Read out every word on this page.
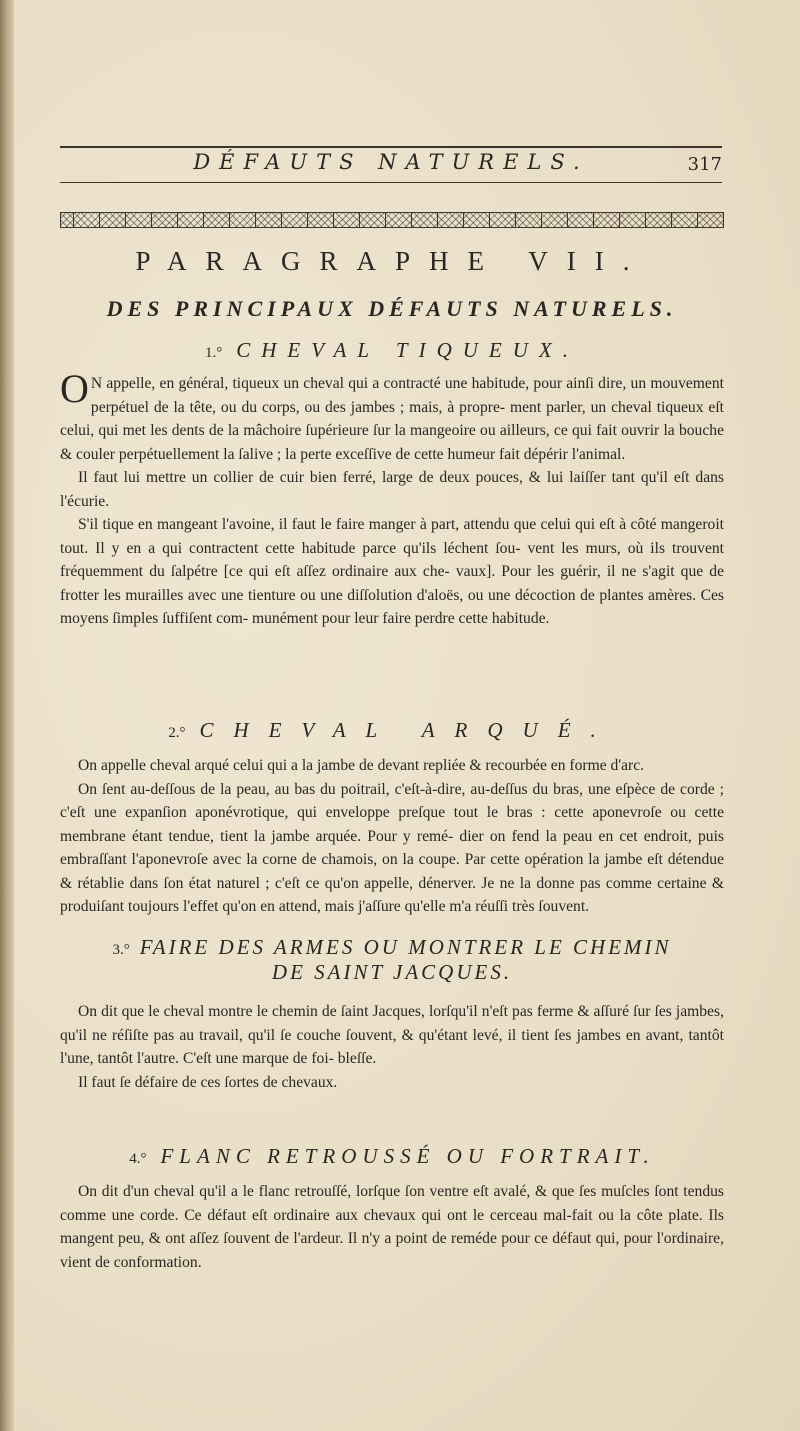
DÉFAUTS NATURELS.	317
PARAGRAPHE VII.
DES PRINCIPAUX DÉFAUTS NATURELS.
1.° CHEVAL TIQUEUX.

O N appelle, en général, tiqueux un cheval qui a contracté une habitude, pour ainſi dire, un mouvement perpétuel de la tête, ou du corps, ou des jambes ; mais, à propre- ment parler, un cheval tiqueux eſt celui, qui met les dents de la mâchoire ſupérieure ſur la mangeoire ou ailleurs, ce qui fait ouvrir la bouche & couler perpétuellement la ſalive ; la perte exceſſive de cette humeur fait dépérir l'animal.

Il faut lui mettre un collier de cuir bien ferré, large de deux pouces, & lui laiſſer tant qu'il eſt dans l'écurie.

S'il tique en mangeant l'avoine, il faut le faire manger à part, attendu que celui qui eſt à côté mangeroit tout. Il y en a qui contractent cette habitude parce qu'ils léchent ſou- vent les murs, où ils trouvent fréquemment du ſalpétre [ce qui eſt aſſez ordinaire aux che- vaux]. Pour les guérir, il ne s'agit que de frotter les murailles avec une tienture ou une diſſolution d'aloës, ou une décoction de plantes amères. Ces moyens ſimples ſuffiſent com- munément pour leur faire perdre cette habitude.

2.° CHEVAL ARQUÉ.

On appelle cheval arqué celui qui a la jambe de devant repliée & recourbée en forme d'arc.

On ſent au-deſſous de la peau, au bas du poitrail, c'eſt-à-dire, au-deſſus du bras, une eſpèce de corde ; c'eſt une expanſion aponévrotique, qui enveloppe preſque tout le bras : cette aponevroſe ou cette membrane étant tendue, tient la jambe arquée. Pour y remé- dier on fend la peau en cet endroit, puis embraſſant l'aponevroſe avec la corne de chamois, on la coupe. Par cette opération la jambe eſt détendue & rétablie dans ſon état naturel ; c'eſt ce qu'on appelle, dénerver. Je ne la donne pas comme certaine & produiſant toujours l'effet qu'on en attend, mais j'aſſure qu'elle m'a réuſſi très ſouvent.

3.° FAIRE DES ARMES OU MONTRER LE CHEMIN
DE SAINT JACQUES.

On dit que le cheval montre le chemin de ſaint Jacques, lorſqu'il n'eſt pas ferme & aſſuré ſur ſes jambes, qu'il ne réſiſte pas au travail, qu'il ſe couche ſouvent, & qu'étant levé, il tient ſes jambes en avant, tantôt l'une, tantôt l'autre. C'eſt une marque de foi- bleſſe.

Il faut ſe défaire de ces ſortes de chevaux.

4.° FLANC RETROUSSÉ OU FORTRAIT.

On dit d'un cheval qu'il a le flanc retrouſſé, lorſque ſon ventre eſt avalé, & que ſes muſcles ſont tendus comme une corde. Ce défaut eſt ordinaire aux chevaux qui ont le cerceau mal-fait ou la côte plate. Ils mangent peu, & ont aſſez ſouvent de l'ardeur. Il n'y a point de reméde pour ce défaut qui, pour l'ordinaire, vient de conformation.
